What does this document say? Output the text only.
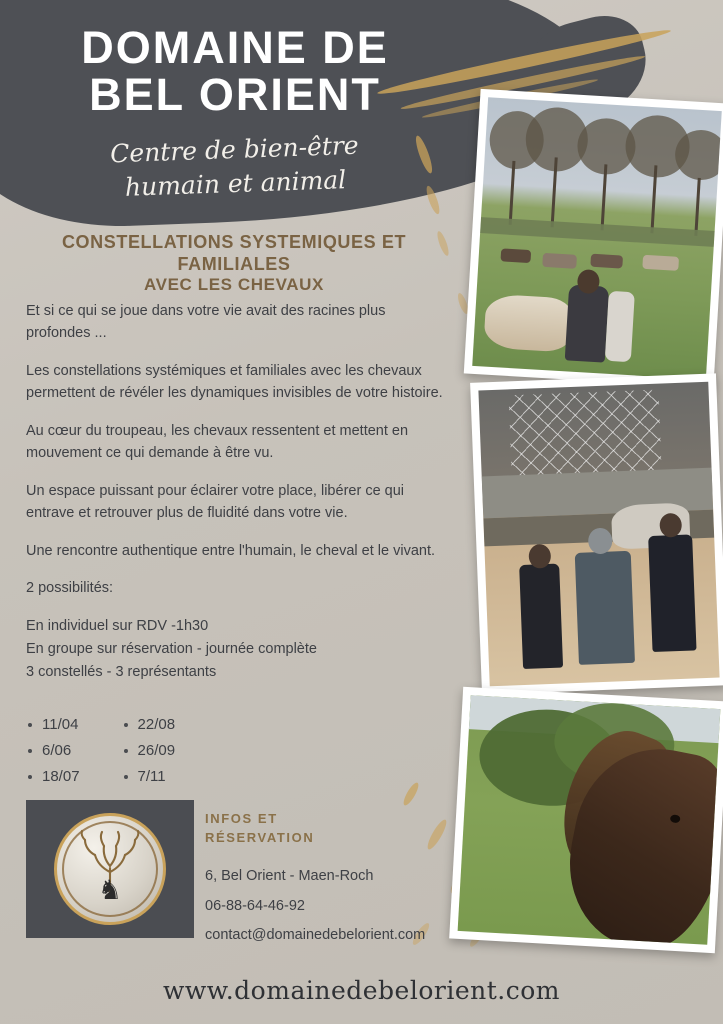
DOMAINE DE
BEL ORIENT
Centre de bien-être
humain et animal
CONSTELLATIONS SYSTEMIQUES ET FAMILIALES
AVEC LES CHEVAUX

Et si ce qui se joue dans votre vie avait des racines plus profondes ...

Les constellations systémiques et familiales avec les chevaux permettent de révéler les dynamiques invisibles de votre histoire.

Au cœur du troupeau, les chevaux ressentent et mettent en mouvement ce qui demande à être vu.

Un espace puissant pour éclairer votre place, libérer ce qui entrave et retrouver plus de fluidité dans votre vie.

Une rencontre authentique entre l'humain, le cheval et le vivant.

2 possibilités:

En individuel sur RDV -1h30
En groupe sur réservation - journée complète
3 constellés - 3 représentants
11/04
6/06
18/07
22/08
26/09
7/11
♞
INFOS ET
RÉSERVATION
6, Bel Orient - Maen-Roch
06-88-64-46-92
contact@domainedebelorient.com
www.domainedebelorient.com
